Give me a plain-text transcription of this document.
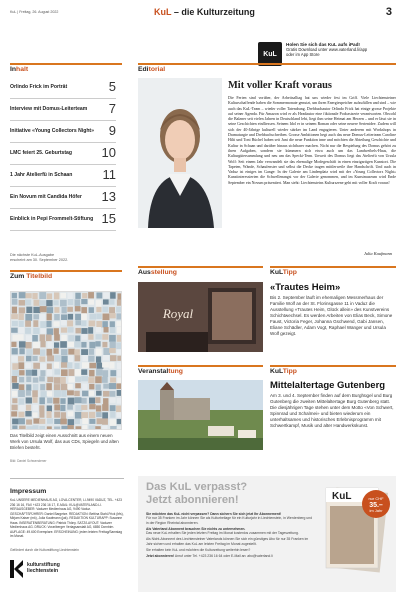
KuL | Freitag, 26. August 2022	KuL – die Kulturzeitung	3
KuL
Holen Sie sich das KuL aufs iPad!
Gratis Download unter www.vaterland.li/app
oder im App Store
Inhalt
Orlindo Frick im Porträt	5
Interview mit Domus-Leiterteam 7
Initiative «Young Collectors Night» 9
LMC feiert 25. Geburtstag 10
1 Jahr Atelierfü in Schaan 11
Ein Novum mit Candida Höfer 13
Einblick in Pepi Frommelt-Stiftung 15
Die nächste KuL-Ausgabe
erscheint am 30. September 2022.
Zum Titelbild
Das Titelbild zeigt einen Ausschnitt aus einem neuen Werk von Ursula Wolf, das aus CDs, Spiegeln und alten Briefen besteht.
Bild: Daniel Schwendener
Editorial
Mit voller Kraft voraus
Die Ferien sind vorüber, der Arbeitsalltag hat uns wieder fest im Griff. Viele Liechtensteiner Kulturschaffende haben die Sommermonate genutzt, um ihren Energiespeicher aufzufüllen und sind – wie auch das KuL-Team – wieder voller Tatendrang. Drehbuchautor Orlindo Frick hat einige grosse Projekte auf seiner Agenda. Für Amazon wird er als Headautor eine fiktionale Podcastserie verantworten. Obwohl die Balzner seit vielen Jahren in Deutschland lebt, liegt ihm seine Heimat am Herzen – und er lässt sie in seine Geschichten einfliessen. Seinem Idol er in seinem Roman oder seine neuere Serienidee. Zudem will sich der 40-Jährige kulturell wieder stärker im Land engagieren. Unter anderem mit Workshops in Dramaturgie und Drehbuchschreiben. Grosse Ambitionen hegt auch das neue Domus-Leiterteam Caroline Hilti und Toni Büchel haben seit Juni die neue Funktion inne und möchten die Abteilung Geschichte und Kultur in Schaan und darüber hinaus sichtbarer machen. Nicht nur die Bespielung des Domus gehört zu ihren Aufgaben, sondern sie kümmern sich etwa auch um das Landweibels-Haus, die Kulturgütersammlung und neu um das Specki-Tenn. Unweit des Domus liegt das Atelierfü von Ursula Wolf: Seit einem Jahr verwandelt sie das ehemalige Modegeschäft in einen einzigartigen Kunstort. Die Tapeten, Wände, Schaufenster und selbst die Decke tragen mittlerweile ihre Handschrift. Und auch in Vaduz ist einiges im Gange: In der Galerie am Lindenplatz wird mit der «Young Collectors Night» Kunstinteressierten die Schwellenangst vor der Galerie genommen, und im Kunstmuseum wird Ende September ein Novum präsentiert. Man sieht: Liechtensteins Kulturszene geht mit voller Kraft voraus!
Julia Kaufmann
Ausstellung	KuLTipp
Royal
«Trautes Heim»
Bis 2. September läuft im ehemaligen Messmerhaus der Familie Wolf an der St. Florinsgasse 11 in Vaduz die Ausstellung «Trautes Heim, Glück allein» des Kunstvereins Schichtwechsel. Es werden Arbeiten von Elias Beck, Simone Faust, Victoria Feger, Johanna Gschwend, Gabi Jansen, Eliane Schädler, Adam Vogt, Raphael Wanger und Ursula Wolf gezeigt.
Veranstaltung	KuLTipp
Mittelaltertage Gutenberg
Am 3. und 4. September finden auf dem Burghügel und Burg Gutenberg die zweiten Mittelaltertage Burg Gutenberg statt. Die diesjährigen Tage stehen unter dem Motto «Von Schwert, Spinnrad und Schalmei» und bieten wiederum ein unterhaltsames und historisches Erlebnisprogramm mit Schwertkampf, Musik und alter Handwerkskunst.
Impressum
KuL UNSERE MEDIENHAUS AG, LOVA-CENTER, LI-9490 VADUZ, TEL. +423 236 16 16, FAX +423 236 16 17, E-MAIL: KUL@VATERLAND.LI. HERAUSGEBER: Vaduzer Medienhaus AG, 9490 Vaduz. GESCHÄFTSFÜHRER: Daniel Bargetze. REDAKTION: Bettina Stahl-Frick (bfs), Mirjam Kaiser (mk), Julia Kaufmann (jak). REDAKTION KULTURAPP: Susanne Haas. INSERATENBERATUNG: Patrick Thöny. SATZ/LAYOUT: Vaduzer Medienhaus AG. DRUCK: Vorarlberger Verlagsanstalt AG, 6850 Dornbirn. AUFLAGE: 49.600 Exemplare. ERSCHEINUNG: jeden letzten Freitag/Samstag im Monat.
Gefördert durch die Kulturstiftung Liechtenstein
kulturstiftung
liechtenstein
Das KuL verpasst?
Jetzt abonnieren!

Sie möchten das KuL nicht verpassen? Dann sichern Sie sich jetzt Ihr Abonnement!
Für nur 35 Franken im Jahr können Sie als Kulturbeilage für ein Kulturjahr in Liechtenstein, in Werdenberg und in der Region Rheintal abonnieren.

Als Vaterland Abonnent brauchen Sie nichts zu unternehmen.
Das neue KuL erhalten Sie jeden letzten Freitag im Monat kostenlos zusammen mit der Tageszeitung.

Als Nicht-Abonnent des Liechtensteiner Vaterlands können Sie sich ein günstiges Abo für nur 35 Franken im Jahr sichern und erhalten das KuL am letzten Freitag im Monat zugestellt.

Sie erhalten kein KuL und möchten die Kulturzeitung weiterhin lesen?

Jetzt abonnieren! Anruf unter Tel. +423 236 16 64 oder E-Mail an: abo@vaterland.li

KuL	nur CHF
35.–
im Jahr
